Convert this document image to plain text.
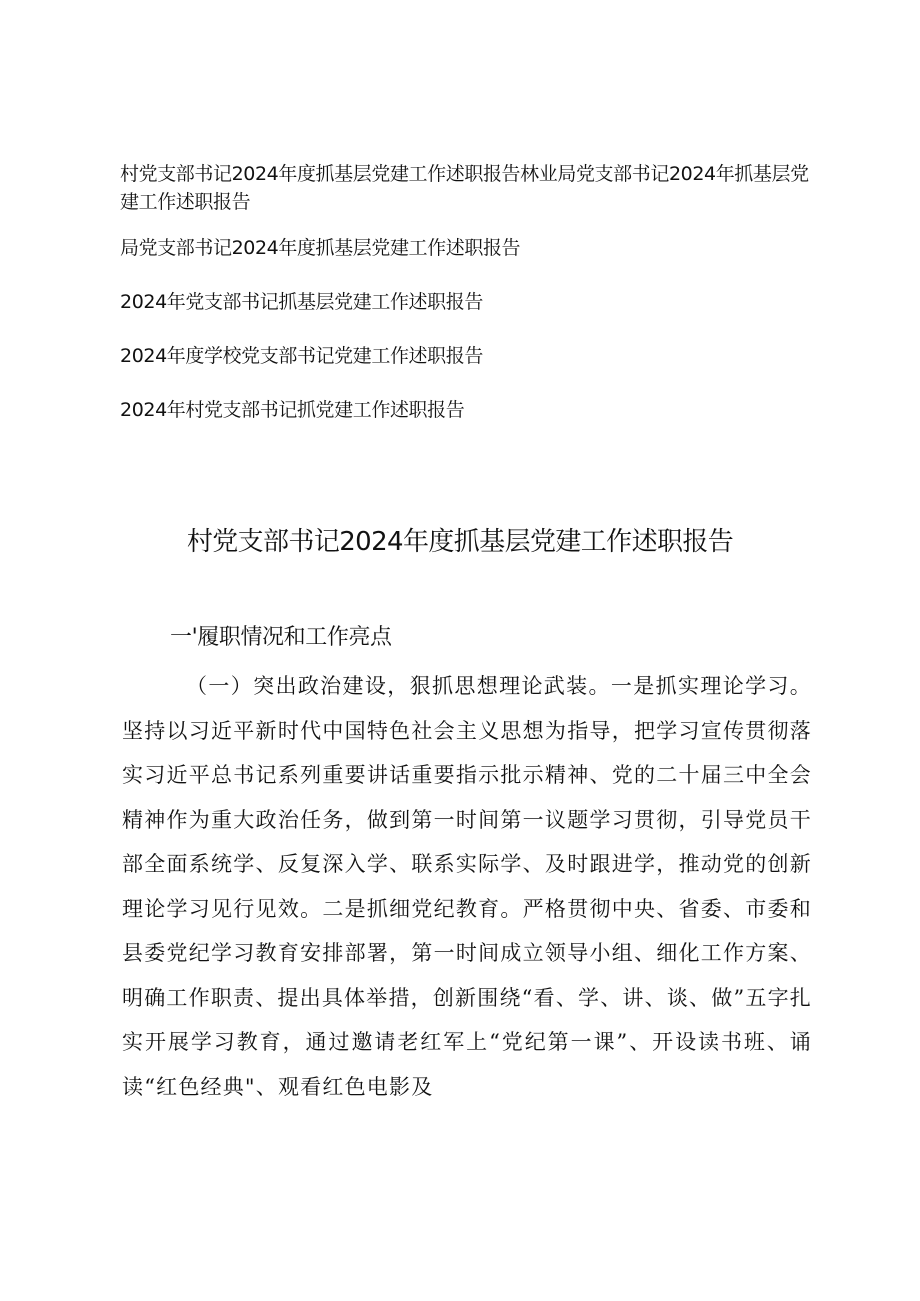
村党支部书记2024年度抓基层党建工作述职报告林业局党支部书记2024年抓基层党建工作述职报告
局党支部书记2024年度抓基层党建工作述职报告
2024年党支部书记抓基层党建工作述职报告
2024年度学校党支部书记党建工作述职报告
2024年村党支部书记抓党建工作述职报告
村党支部书记2024年度抓基层党建工作述职报告
一'履职情况和工作亮点

（一）突出政治建设，狠抓思想理论武装。一是抓实理论学习。坚持以习近平新时代中国特色社会主义思想为指导，把学习宣传贯彻落实习近平总书记系列重要讲话重要指示批示精神、党的二十届三中全会精神作为重大政治任务，做到第一时间第一议题学习贯彻，引导党员干部全面系统学、反复深入学、联系实际学、及时跟进学，推动党的创新理论学习见行见效。二是抓细党纪教育。严格贯彻中央、省委、市委和县委党纪学习教育安排部署，第一时间成立领导小组、细化工作方案、明确工作职责、提出具体举措，创新围绕“看、学、讲、谈、做”五字扎实开展学习教育，通过邀请老红军上“党纪第一课”、开设读书班、诵读“红色经典"、观看红色电影及
